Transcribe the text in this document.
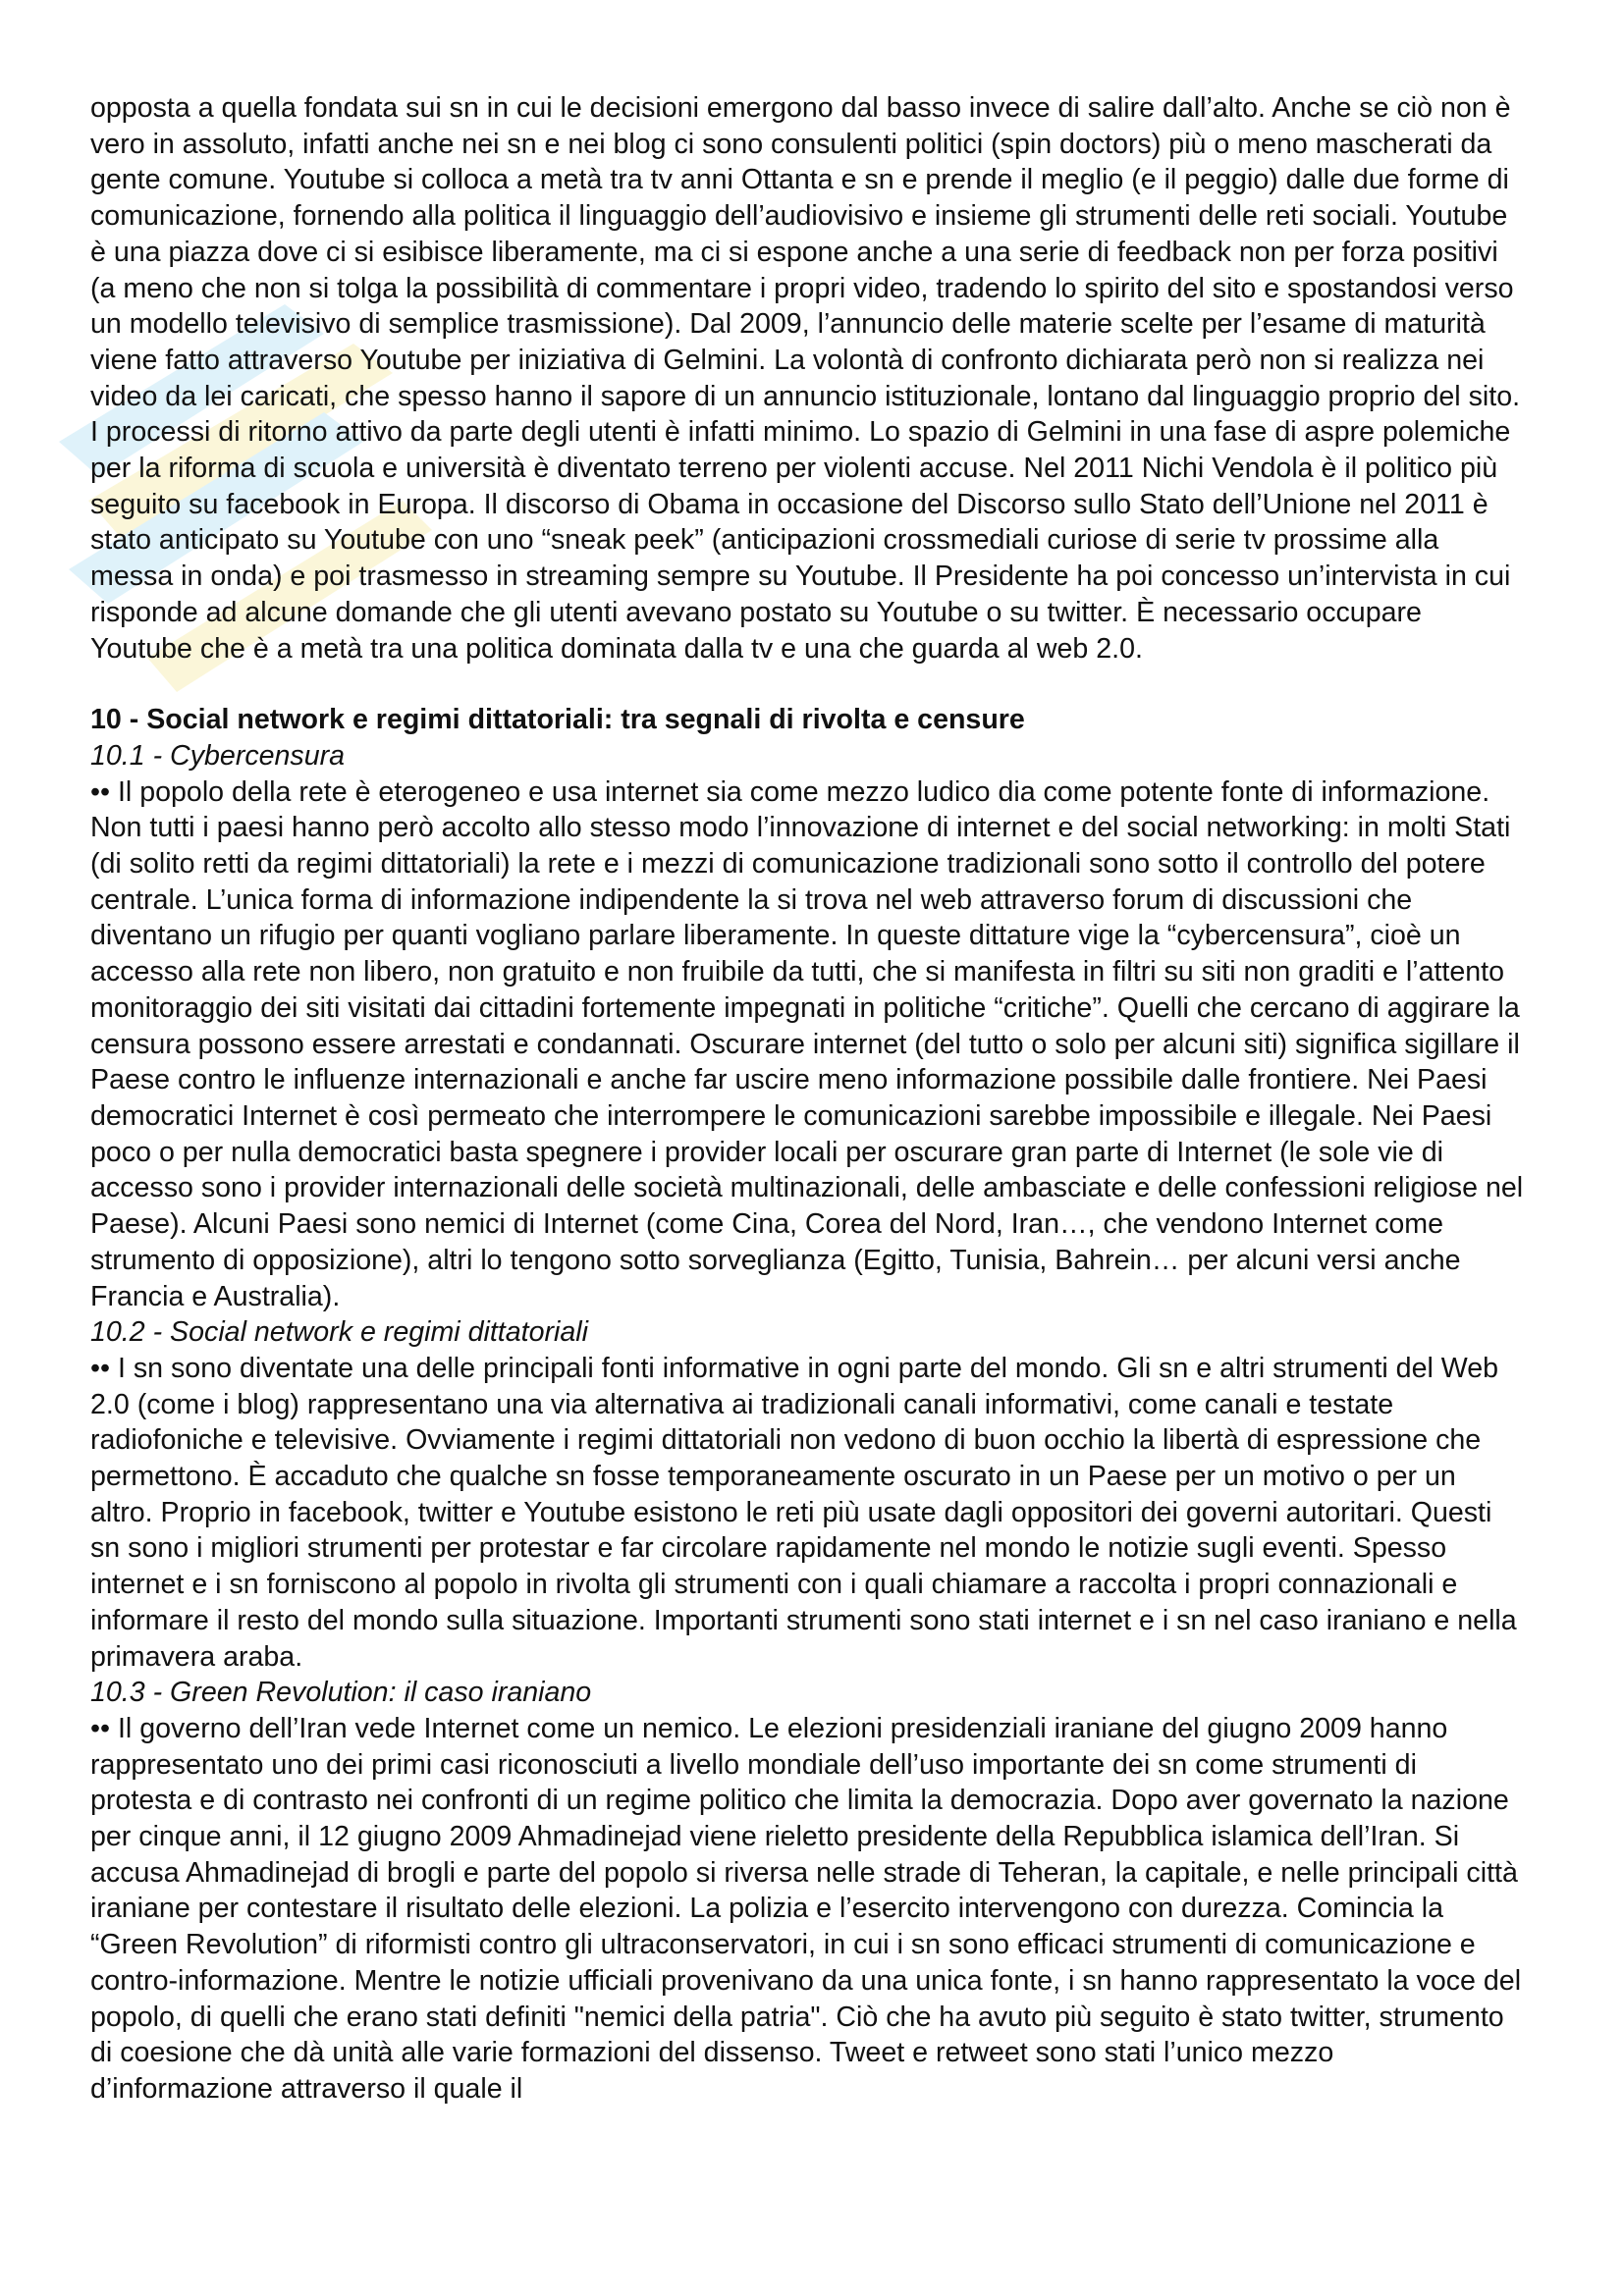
opposta a quella fondata sui sn in cui le decisioni emergono dal basso invece di salire dall’alto. Anche se ciò non è vero in assoluto, infatti anche nei sn e nei blog ci sono consulenti politici (spin doctors) più o meno mascherati da gente comune. Youtube si colloca a metà tra tv anni Ottanta e sn e prende il meglio (e il peggio) dalle due forme di comunicazione, fornendo alla politica il linguaggio dell’audiovisivo e insieme gli strumenti delle reti sociali. Youtube è una piazza dove ci si esibisce liberamente, ma ci si espone anche a una serie di feedback non per forza positivi (a meno che non si tolga la possibilità di commentare i propri video, tradendo lo spirito del sito e spostandosi verso un modello televisivo di semplice trasmissione). Dal 2009, l’annuncio delle materie scelte per l’esame di maturità viene fatto attraverso Youtube per iniziativa di Gelmini. La volontà di confronto dichiarata però non si realizza nei video da lei caricati, che spesso hanno il sapore di un annuncio istituzionale, lontano dal linguaggio proprio del sito. I processi di ritorno attivo da parte degli utenti è infatti minimo. Lo spazio di Gelmini in una fase di aspre polemiche per la riforma di scuola e università è diventato terreno per violenti accuse. Nel 2011 Nichi Vendola è il politico più seguito su facebook in Europa. Il discorso di Obama in occasione del Discorso sullo Stato dell’Unione nel 2011 è stato anticipato su Youtube con uno “sneak peek” (anticipazioni crossmediali curiose di serie tv prossime alla messa in onda) e poi trasmesso in streaming sempre su Youtube. Il Presidente ha poi concesso un’intervista in cui risponde ad alcune domande che gli utenti avevano postato su Youtube o su twitter. È necessario occupare Youtube che è a metà tra una politica dominata dalla tv e una che guarda al web 2.0.

10 - Social network e regimi dittatoriali: tra segnali di rivolta e censure

10.1 - Cybercensura

•• Il popolo della rete è eterogeneo e usa internet sia come mezzo ludico dia come potente fonte di informazione. Non tutti i paesi hanno però accolto allo stesso modo l’innovazione di internet e del social networking: in molti Stati (di solito retti da regimi dittatoriali) la rete e i mezzi di comunicazione tradizionali sono sotto il controllo del potere centrale. L’unica forma di informazione indipendente la si trova nel web attraverso forum di discussioni che diventano un rifugio per quanti vogliano parlare liberamente. In queste dittature vige la “cybercensura”, cioè un accesso alla rete non libero, non gratuito e non fruibile da tutti, che si manifesta in filtri su siti non graditi e l’attento monitoraggio dei siti visitati dai cittadini fortemente impegnati in politiche “critiche”. Quelli che cercano di aggirare la censura possono essere arrestati e condannati. Oscurare internet (del tutto o solo per alcuni siti) significa sigillare il Paese contro le influenze internazionali e anche far uscire meno informazione possibile dalle frontiere. Nei Paesi democratici Internet è così permeato che interrompere le comunicazioni sarebbe impossibile e illegale. Nei Paesi poco o per nulla democratici basta spegnere i provider locali per oscurare gran parte di Internet (le sole vie di accesso sono i provider internazionali delle società multinazionali, delle ambasciate e delle confessioni religiose nel Paese). Alcuni Paesi sono nemici di Internet (come Cina, Corea del Nord, Iran…, che vendono Internet come strumento di opposizione), altri lo tengono sotto sorveglianza (Egitto, Tunisia, Bahrein… per alcuni versi anche Francia e Australia).

10.2 - Social network e regimi dittatoriali

•• I sn sono diventate una delle principali fonti informative in ogni parte del mondo. Gli sn e altri strumenti del Web 2.0 (come i blog) rappresentano una via alternativa ai tradizionali canali informativi, come canali e testate radiofoniche e televisive. Ovviamente i regimi dittatoriali non vedono di buon occhio la libertà di espressione che permettono. È accaduto che qualche sn fosse temporaneamente oscurato in un Paese per un motivo o per un altro. Proprio in facebook, twitter e Youtube esistono le reti più usate dagli oppositori dei governi autoritari. Questi sn sono i migliori strumenti per protestar e far circolare rapidamente nel mondo le notizie sugli eventi. Spesso internet e i sn forniscono al popolo in rivolta gli strumenti con i quali chiamare a raccolta i propri connazionali e informare il resto del mondo sulla situazione. Importanti strumenti sono stati internet e i sn nel caso iraniano e nella primavera araba.

10.3 - Green Revolution: il caso iraniano

•• Il governo dell’Iran vede Internet come un nemico. Le elezioni presidenziali iraniane del giugno 2009 hanno rappresentato uno dei primi casi riconosciuti a livello mondiale dell’uso importante dei sn come strumenti di protesta e di contrasto nei confronti di un regime politico che limita la democrazia. Dopo aver governato la nazione per cinque anni, il 12 giugno 2009 Ahmadinejad viene rieletto presidente della Repubblica islamica dell’Iran. Si accusa Ahmadinejad di brogli e parte del popolo si riversa nelle strade di Teheran, la capitale, e nelle principali città iraniane per contestare il risultato delle elezioni. La polizia e l’esercito intervengono con durezza. Comincia la “Green Revolution” di riformisti contro gli ultraconservatori, in cui i sn sono efficaci strumenti di comunicazione e contro-informazione. Mentre le notizie ufficiali provenivano da una unica fonte, i sn hanno rappresentato la voce del popolo, di quelli che erano stati definiti "nemici della patria". Ciò che ha avuto più seguito è stato twitter, strumento di coesione che dà unità alle varie formazioni del dissenso. Tweet e retweet sono stati l’unico mezzo d’informazione attraverso il quale il
